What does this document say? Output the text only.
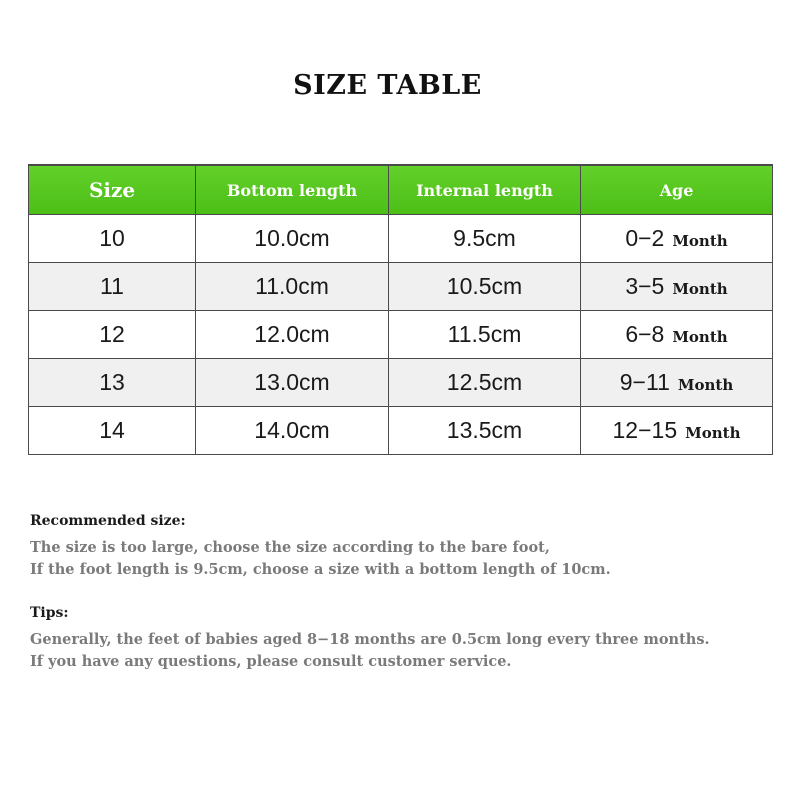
SIZE TABLE
Size	Bottom length	Internal length	Age
10	10.0cm	9.5cm	0−2 Month
11	11.0cm	10.5cm	3−5 Month
12	12.0cm	11.5cm	6−8 Month
13	13.0cm	12.5cm	9−11 Month
14	14.0cm	13.5cm	12−15 Month
Recommended size:
The size is too large, choose the size according to the bare foot,
If the foot length is 9.5cm, choose a size with a bottom length of 10cm.
Tips:
Generally, the feet of babies aged 8−18 months are 0.5cm long every three months.
If you have any questions, please consult customer service.
